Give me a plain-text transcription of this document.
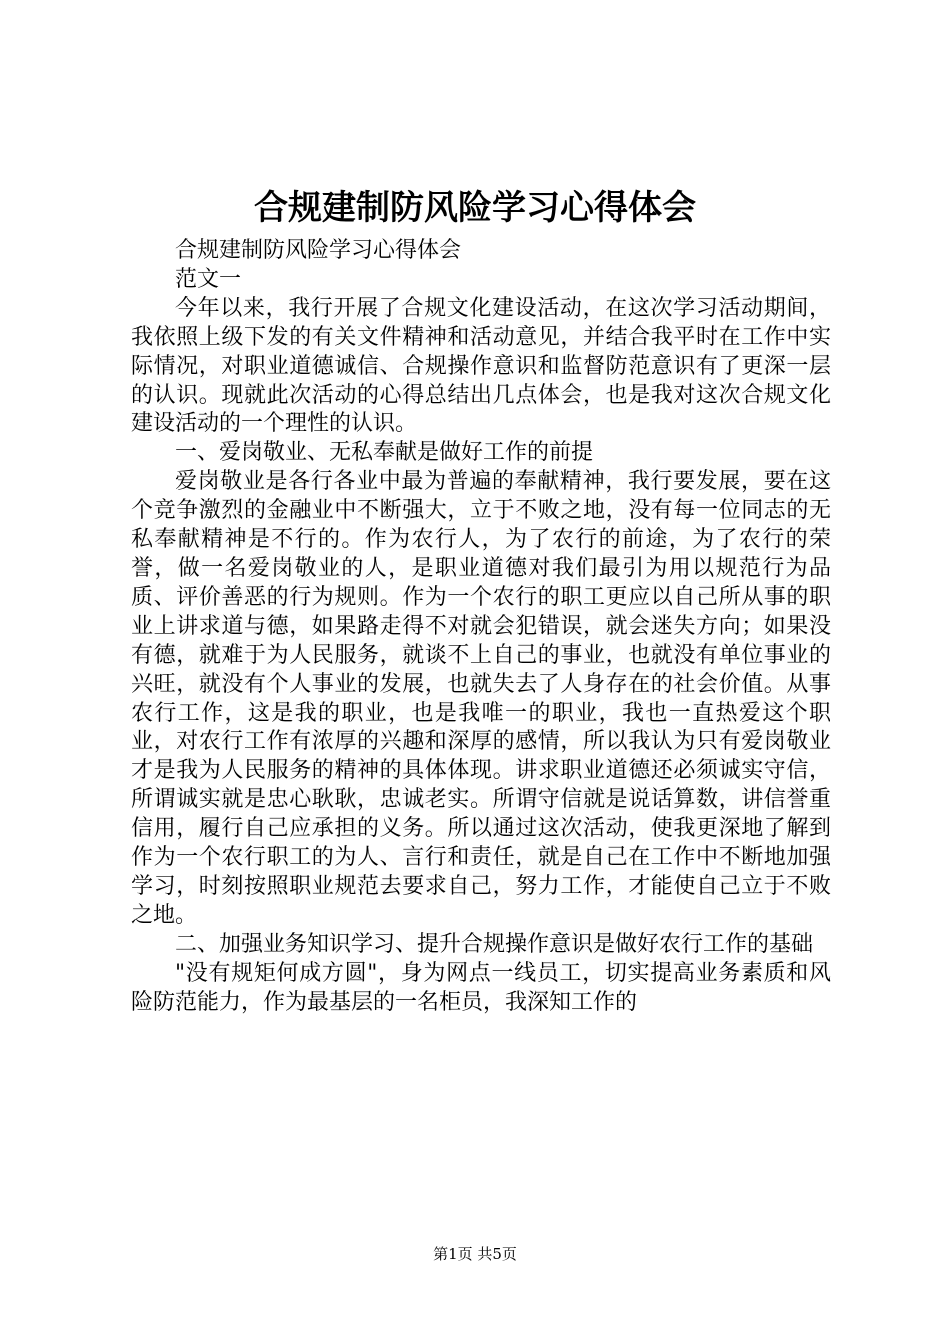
合规建制防风险学习心得体会

合规建制防风险学习心得体会

范文一

今年以来，我行开展了合规文化建设活动，在这次学习活动期间，我依照上级下发的有关文件精神和活动意见，并结合我平时在工作中实际情况，对职业道德诚信、合规操作意识和监督防范意识有了更深一层的认识。现就此次活动的心得总结出几点体会，也是我对这次合规文化建设活动的一个理性的认识。

一、爱岗敬业、无私奉献是做好工作的前提

爱岗敬业是各行各业中最为普遍的奉献精神，我行要发展，要在这个竞争激烈的金融业中不断强大，立于不败之地，没有每一位同志的无私奉献精神是不行的。作为农行人，为了农行的前途，为了农行的荣誉，做一名爱岗敬业的人，是职业道德对我们最引为用以规范行为品质、评价善恶的行为规则。作为一个农行的职工更应以自己所从事的职业上讲求道与德，如果路走得不对就会犯错误，就会迷失方向；如果没有德，就难于为人民服务，就谈不上自己的事业，也就没有单位事业的兴旺，就没有个人事业的发展，也就失去了人身存在的社会价值。从事农行工作，这是我的职业，也是我唯一的职业，我也一直热爱这个职业，对农行工作有浓厚的兴趣和深厚的感情，所以我认为只有爱岗敬业才是我为人民服务的精神的具体体现。讲求职业道德还必须诚实守信，所谓诚实就是忠心耿耿，忠诚老实。所谓守信就是说话算数，讲信誉重信用，履行自己应承担的义务。所以通过这次活动，使我更深地了解到作为一个农行职工的为人、言行和责任，就是自己在工作中不断地加强学习，时刻按照职业规范去要求自己，努力工作，才能使自己立于不败之地。

二、加强业务知识学习、提升合规操作意识是做好农行工作的基础

"没有规矩何成方圆"，身为网点一线员工，切实提高业务素质和风险防范能力，作为最基层的一名柜员，我深知工作的

第1页 共5页
